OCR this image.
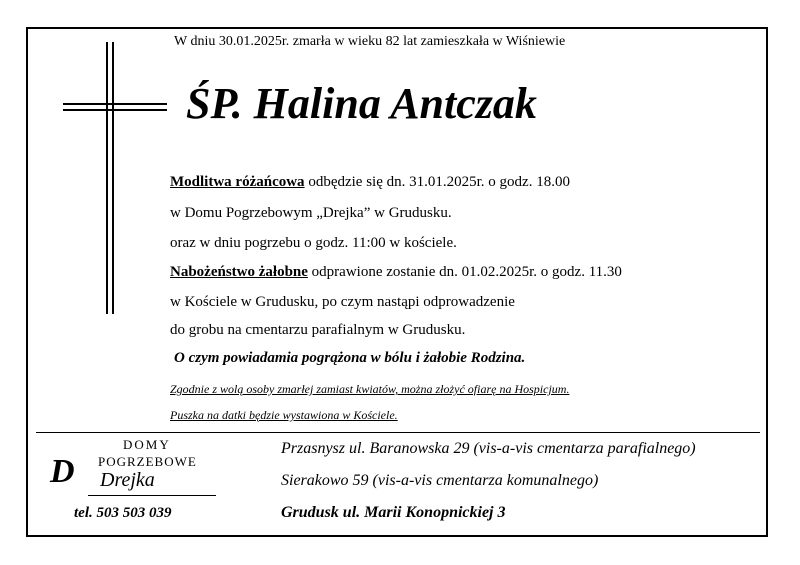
W dniu 30.01.2025r. zmarła w wieku 82 lat zamieszkała w Wiśniewie
ŚP. Halina Antczak
Modlitwa różańcowa odbędzie się dn. 31.01.2025r. o godz. 18.00
w Domu Pogrzebowym „Drejka” w Grudusku.
oraz w dniu pogrzebu o godz. 11:00 w kościele.
Nabożeństwo żałobne odprawione zostanie dn. 01.02.2025r. o godz. 11.30
w Kościele w Grudusku, po czym nastąpi odprowadzenie
do grobu na cmentarzu parafialnym w Grudusku.
O czym powiadamia pogrążona w bólu i żałobie Rodzina.
Zgodnie z wolą osoby zmarłej zamiast kwiatów, można złożyć ofiarę na Hospicjum.
Puszka na datki będzie wystawiona w Kościele.
DOMY
POGRZEBOWE
D Drejka
tel. 503 503 039
Przasnysz ul. Baranowska 29 (vis-a-vis cmentarza parafialnego)
Sierakowo 59 (vis-a-vis cmentarza komunalnego)
Grudusk ul. Marii Konopnickiej 3
